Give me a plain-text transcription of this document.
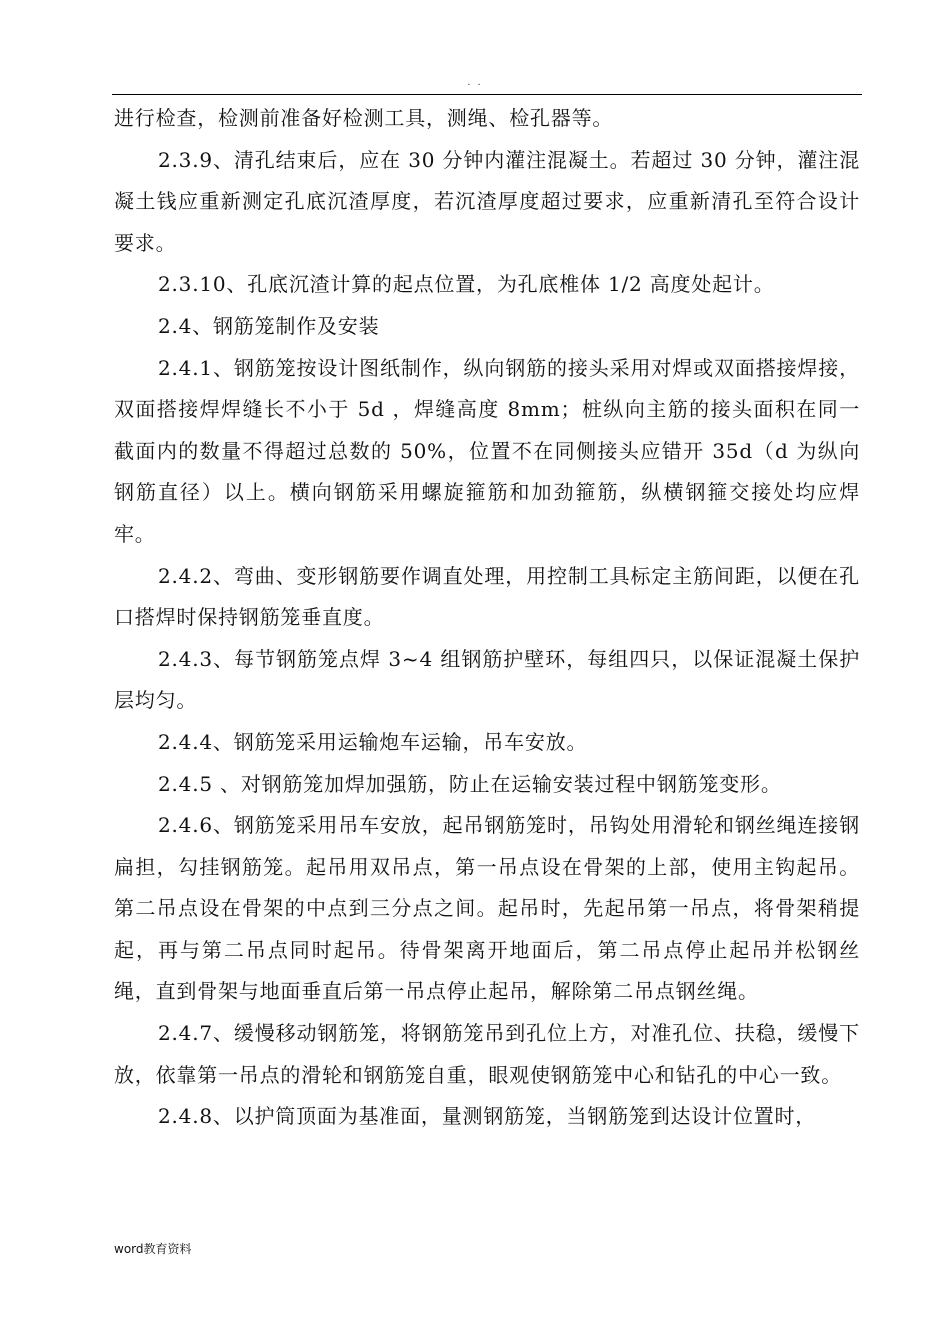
. .

进行检查，检测前准备好检测工具，测绳、检孔器等。

2.3.9、清孔结束后，应在 30 分钟内灌注混凝土。若超过 30 分钟，灌注混凝土钱应重新测定孔底沉渣厚度，若沉渣厚度超过要求，应重新清孔至符合设计要求。

2.3.10、孔底沉渣计算的起点位置，为孔底椎体 1/2 高度处起计。

2.4、钢筋笼制作及安装

2.4.1、钢筋笼按设计图纸制作，纵向钢筋的接头采用对焊或双面搭接焊接，双面搭接焊焊缝长不小于 5d ，焊缝高度 8mm；桩纵向主筋的接头面积在同一截面内的数量不得超过总数的 50%，位置不在同侧接头应错开 35d（d 为纵向钢筋直径）以上。横向钢筋采用螺旋箍筋和加劲箍筋，纵横钢箍交接处均应焊牢。

2.4.2、弯曲、变形钢筋要作调直处理，用控制工具标定主筋间距，以便在孔口搭焊时保持钢筋笼垂直度。

2.4.3、每节钢筋笼点焊 3~4 组钢筋护壁环，每组四只，以保证混凝土保护层均匀。

2.4.4、钢筋笼采用运输炮车运输，吊车安放。

2.4.5 、对钢筋笼加焊加强筋，防止在运输安装过程中钢筋笼变形。

2.4.6、钢筋笼采用吊车安放，起吊钢筋笼时，吊钩处用滑轮和钢丝绳连接钢扁担，勾挂钢筋笼。起吊用双吊点，第一吊点设在骨架的上部，使用主钩起吊。第二吊点设在骨架的中点到三分点之间。起吊时，先起吊第一吊点，将骨架稍提起，再与第二吊点同时起吊。待骨架离开地面后，第二吊点停止起吊并松钢丝绳，直到骨架与地面垂直后第一吊点停止起吊，解除第二吊点钢丝绳。

2.4.7、缓慢移动钢筋笼，将钢筋笼吊到孔位上方，对准孔位、扶稳，缓慢下放，依靠第一吊点的滑轮和钢筋笼自重，眼观使钢筋笼中心和钻孔的中心一致。

2.4.8、以护筒顶面为基准面，量测钢筋笼，当钢筋笼到达设计位置时，

word教育资料
